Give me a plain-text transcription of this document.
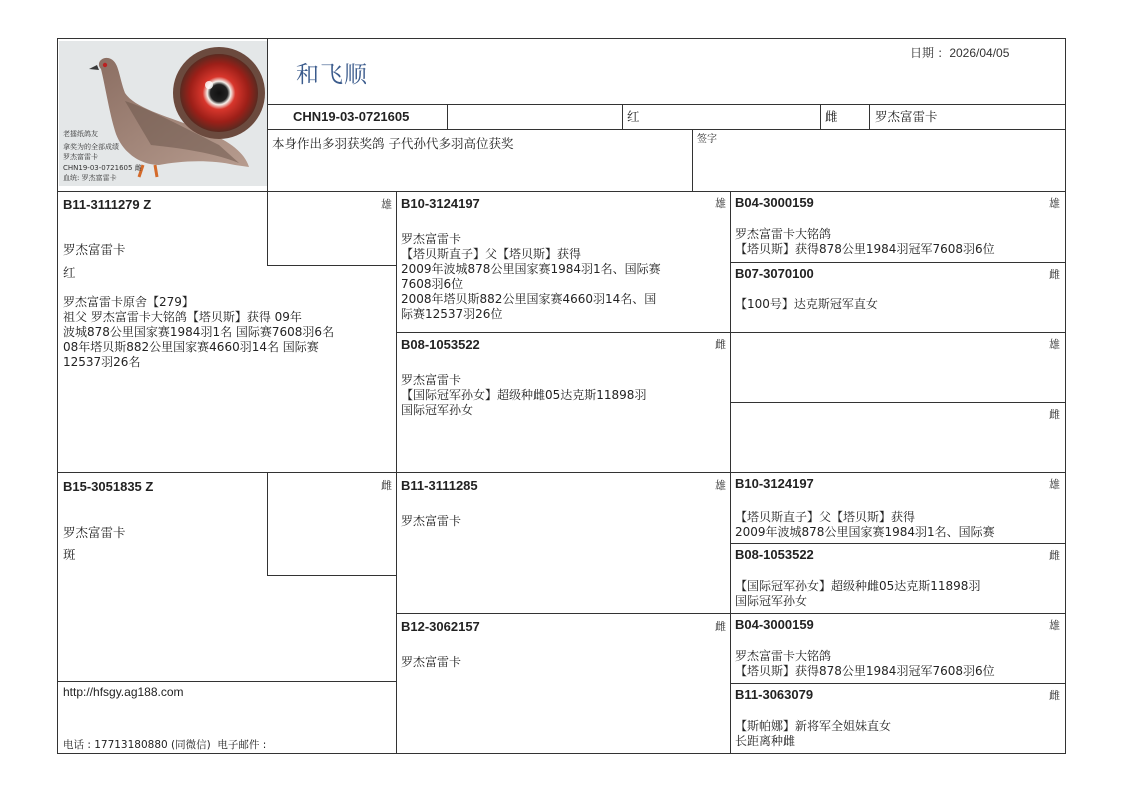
老擂纸鸽友
拿奖为的全部成绩
罗杰富雷卡
CHN19-03-0721605 雌
血统: 罗杰富雷卡
和飞顺
日期 ：2026/04/05
CHN19-03-0721605	红	雌	罗杰富雷卡
本身作出多羽获奖鸽 子代孙代多羽高位获奖	签字
B11-3111279 Z
罗杰富雷卡
红
罗杰富雷卡原舍【279】
祖父 罗杰富雷卡大铭鸽【塔贝斯】获得 09年
波城878公里国家赛1984羽1名 国际赛7608羽6名
08年塔贝斯882公里国家赛4660羽14名 国际赛
12537羽26名
雄
B15-3051835 Z
罗杰富雷卡
斑
雌
http://hfsgy.ag188.com
电话 : 17713180880 (同微信)  电子邮件 :
B10-3124197	雄
罗杰富雷卡
【塔贝斯直子】父【塔贝斯】获得
2009年波城878公里国家赛1984羽1名、国际赛
7608羽6位
2008年塔贝斯882公里国家赛4660羽14名、国
际赛12537羽26位
B08-1053522	雌
罗杰富雷卡
【国际冠军孙女】超级种雌05达克斯11898羽
国际冠军孙女
B11-3111285	雄
罗杰富雷卡
B12-3062157	雌
罗杰富雷卡
B04-3000159	雄
罗杰富雷卡大铭鸽
【塔贝斯】获得878公里1984羽冠军7608羽6位
B07-3070100	雌
【100号】达克斯冠军直女
雄
雌
B10-3124197	雄
【塔贝斯直子】父【塔贝斯】获得
2009年波城878公里国家赛1984羽1名、国际赛
B08-1053522	雌
【国际冠军孙女】超级种雌05达克斯11898羽
国际冠军孙女
B04-3000159	雄
罗杰富雷卡大铭鸽
【塔贝斯】获得878公里1984羽冠军7608羽6位
B11-3063079	雌
【斯帕娜】新将军全姐妹直女
长距离种雌
